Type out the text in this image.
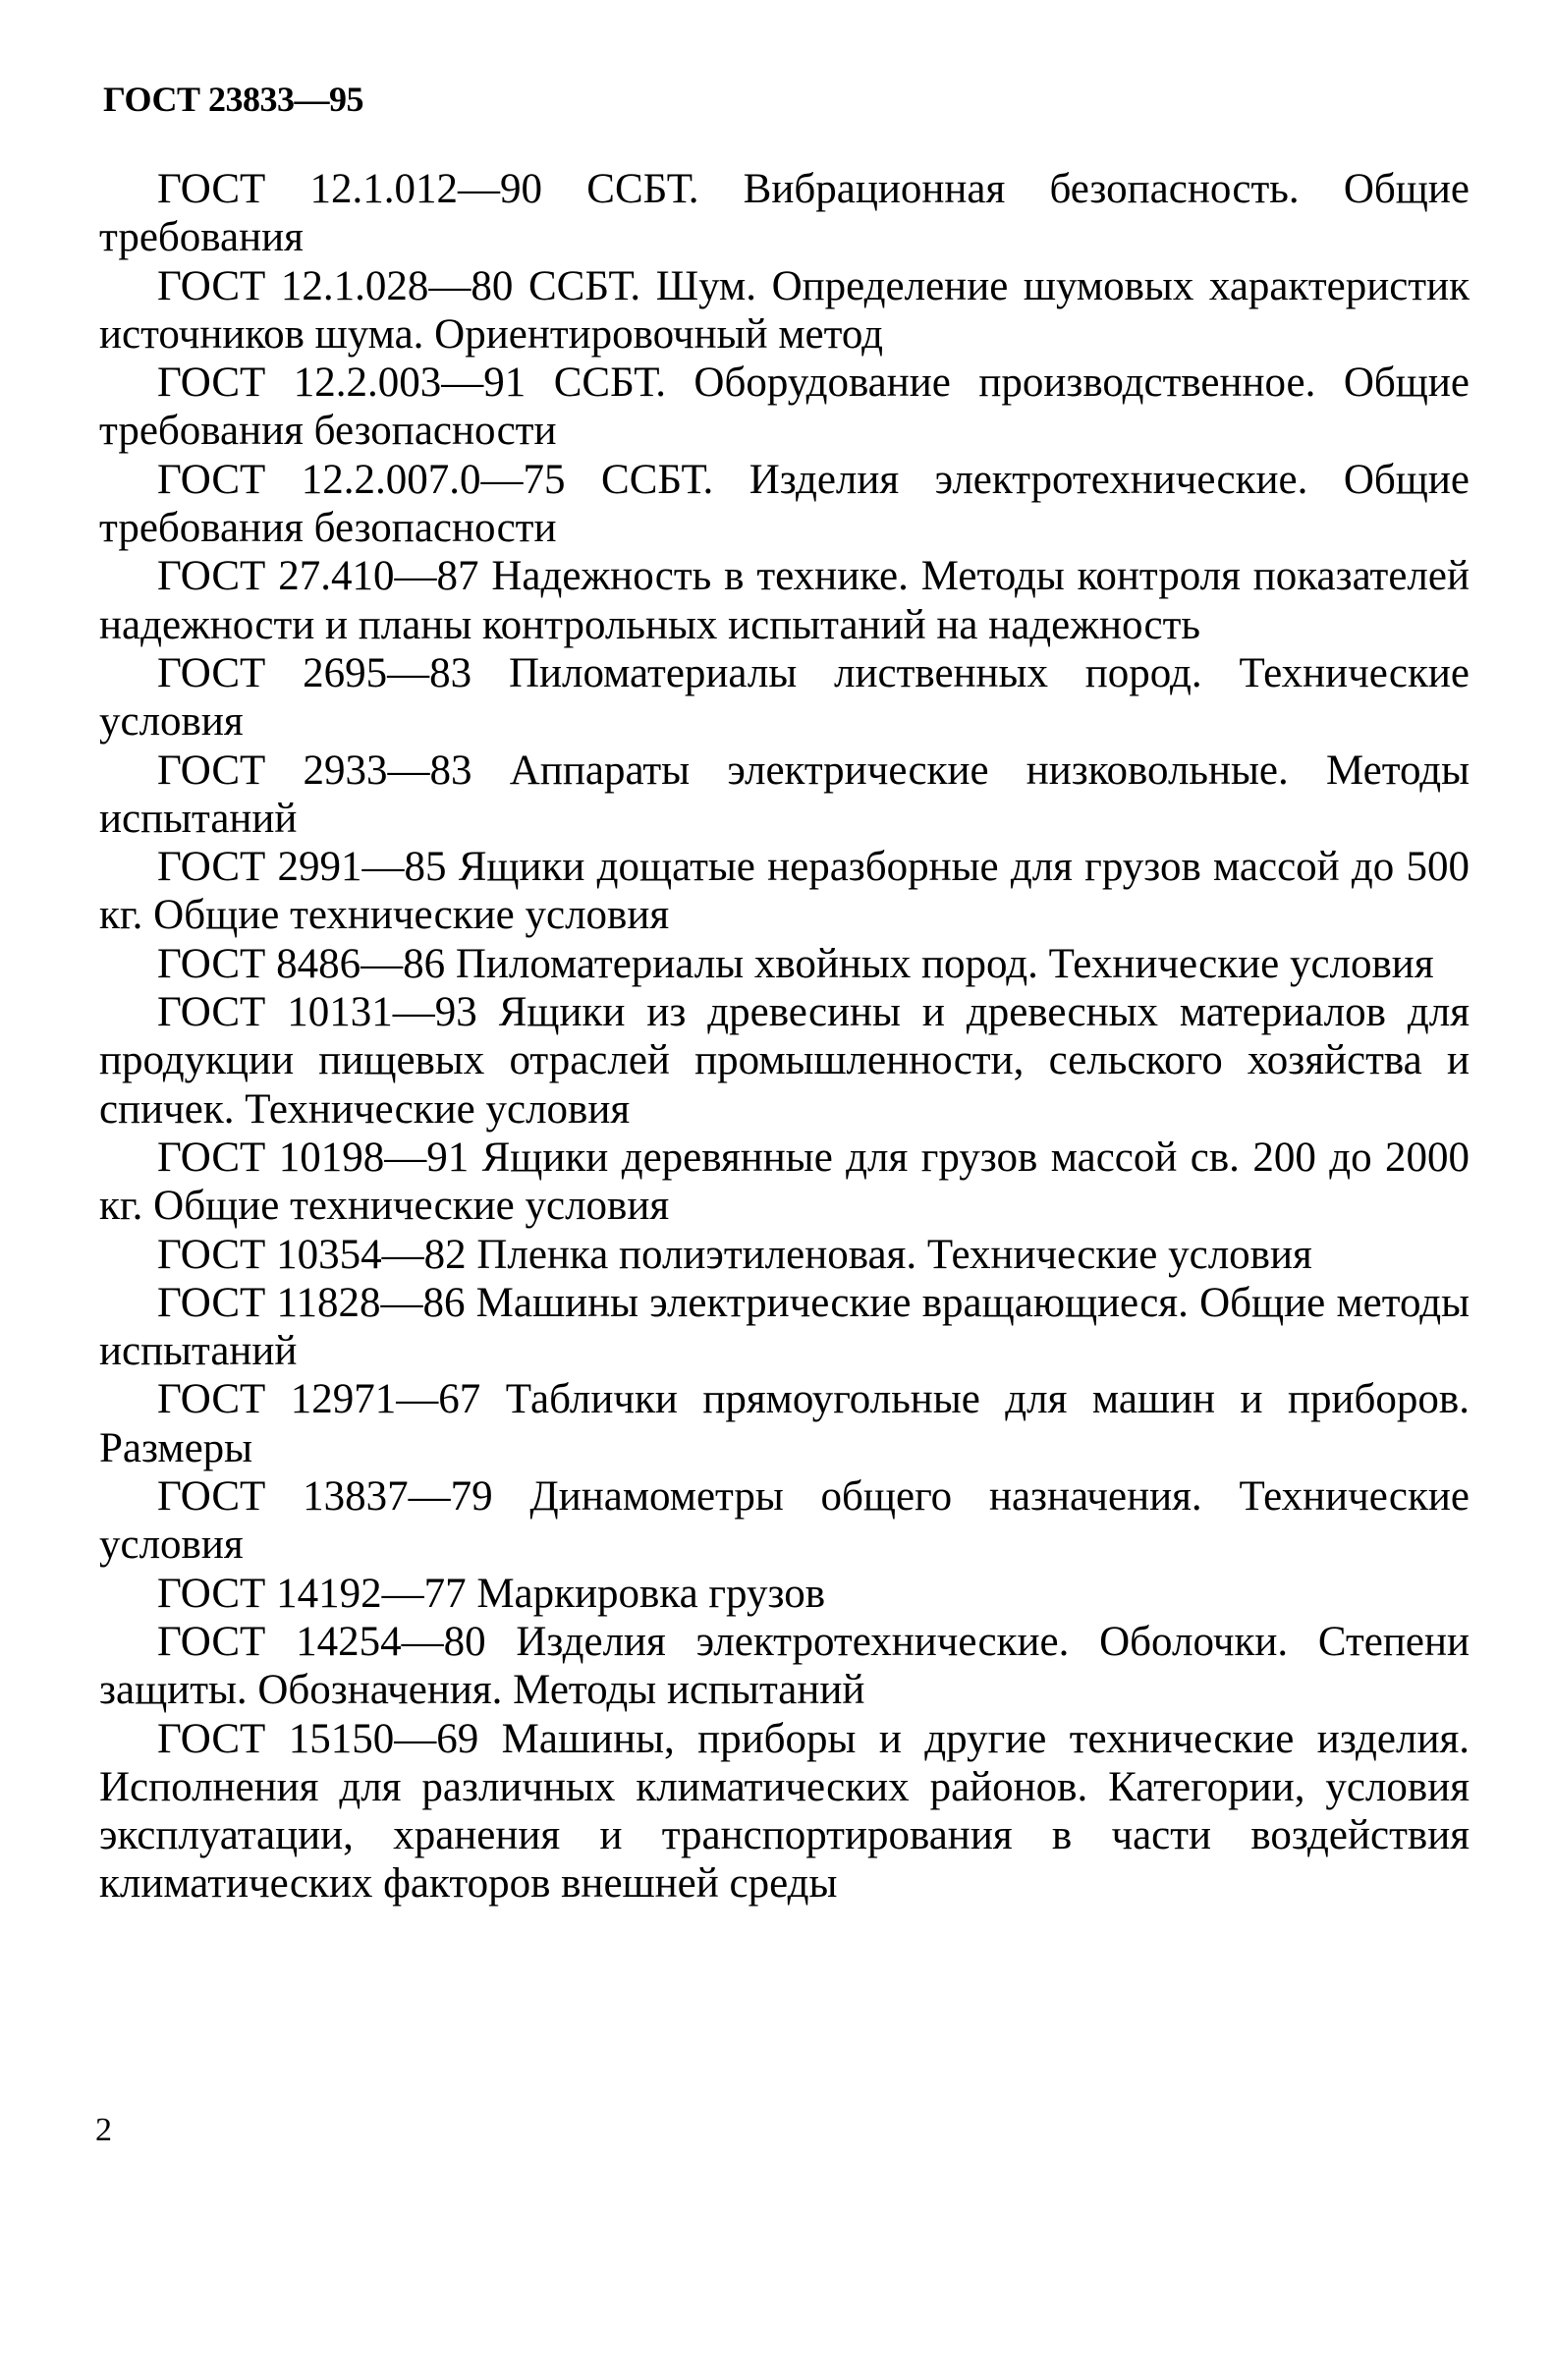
ГОСТ 23833—95
ГОСТ 12.1.012—90 ССБТ. Вибрационная безопасность. Общие требования
ГОСТ 12.1.028—80 ССБТ. Шум. Определение шумовых характеристик источников шума. Ориентировочный метод
ГОСТ 12.2.003—91 ССБТ. Оборудование производственное. Общие требования безопасности
ГОСТ 12.2.007.0—75 ССБТ. Изделия электротехнические. Общие требования безопасности
ГОСТ 27.410—87 Надежность в технике. Методы контроля показателей надежности и планы контрольных испытаний на надежность
ГОСТ 2695—83 Пиломатериалы лиственных пород. Технические условия
ГОСТ 2933—83 Аппараты электрические низковольные. Методы испытаний
ГОСТ 2991—85 Ящики дощатые неразборные для грузов массой до 500 кг. Общие технические условия
ГОСТ 8486—86 Пиломатериалы хвойных пород. Технические условия
ГОСТ 10131—93 Ящики из древесины и древесных материалов для продукции пищевых отраслей промышленности, сельского хозяйства и спичек. Технические условия
ГОСТ 10198—91 Ящики деревянные для грузов массой св. 200 до 2000 кг. Общие технические условия
ГОСТ 10354—82 Пленка полиэтиленовая. Технические условия
ГОСТ 11828—86 Машины электрические вращающиеся. Общие методы испытаний
ГОСТ 12971—67 Таблички прямоугольные для машин и приборов. Размеры
ГОСТ 13837—79 Динамометры общего назначения. Технические условия
ГОСТ 14192—77 Маркировка грузов
ГОСТ 14254—80 Изделия электротехнические. Оболочки. Степени защиты. Обозначения. Методы испытаний
ГОСТ 15150—69 Машины, приборы и другие технические изделия. Исполнения для различных климатических районов. Категории, условия эксплуатации, хранения и транспортирования в части воздействия климатических факторов внешней среды
2
